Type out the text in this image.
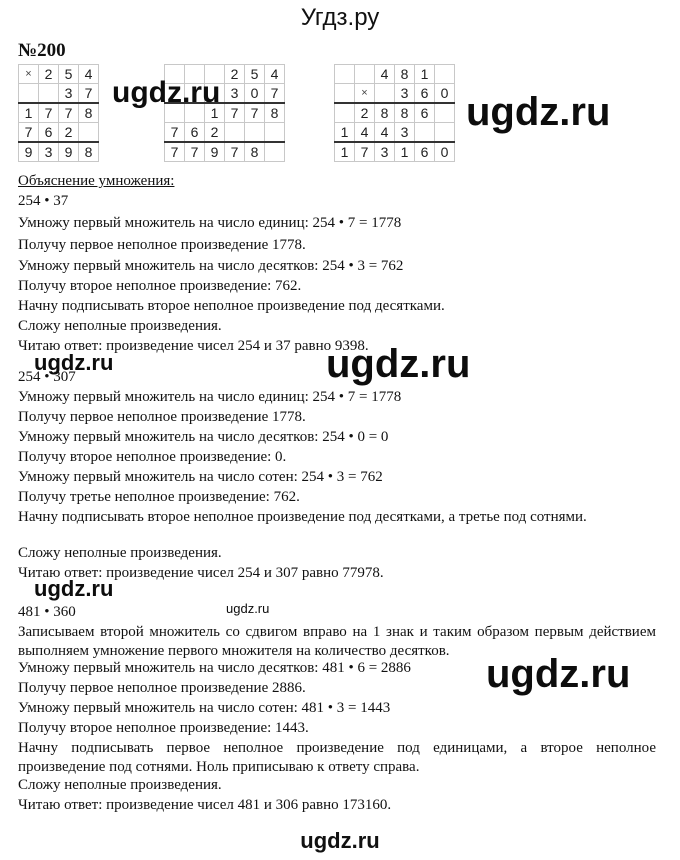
Угдз.ру
№200
×	2	5	4
		3	7
1	7	7	8
7	6	2	
9	3	9	8
			2	5	4
			3	0	7
		1	7	7	8
7	6	2			
7	7	9	7	8	
		4	8	1	
	×		3	6	0
	2	8	8	6	
1	4	4	3		
1	7	3	1	6	0
ugdz.ru	ugdz.ru
ugdz.ru
ugdz.ru
ugdz.ru
ugdz.ru
ugdz.ru
Объяснение умножения:
254 • 37
Умножу первый множитель на число единиц: 254 • 7 = 1778
Получу первое неполное произведение 1778.
Умножу первый множитель на число десятков: 254 • 3 = 762
Получу второе неполное произведение: 762.
Начну подписывать второе неполное произведение под десятками.
Сложу неполные произведения.
Читаю ответ: произведение чисел 254 и 37 равно 9398.
254 • 307
Умножу первый множитель на число единиц: 254 • 7 = 1778
Получу первое неполное произведение 1778.
Умножу первый множитель на число десятков: 254 • 0 = 0
Получу второе неполное произведение: 0.
Умножу первый множитель на число сотен: 254 • 3 = 762
Получу третье неполное произведение: 762.
Начну подписывать второе неполное произведение под десятками, а третье под сотнями.
Сложу неполные произведения.
Читаю ответ: произведение чисел 254 и 307 равно 77978.
481 • 360
Записываем второй множитель со сдвигом вправо на 1 знак и таким образом первым действием выполняем умножение первого множителя на количество десятков.
Умножу первый множитель на число десятков: 481 • 6 = 2886
Получу первое неполное произведение 2886.
Умножу первый множитель на число сотен: 481 • 3 = 1443
Получу второе неполное произведение: 1443.
Начну подписывать первое неполное произведение под единицами, а второе неполное произведение под сотнями. Ноль приписываю к ответу справа.
Сложу неполные произведения.
Читаю ответ: произведение чисел 481 и 306 равно 173160.
ugdz.ru
